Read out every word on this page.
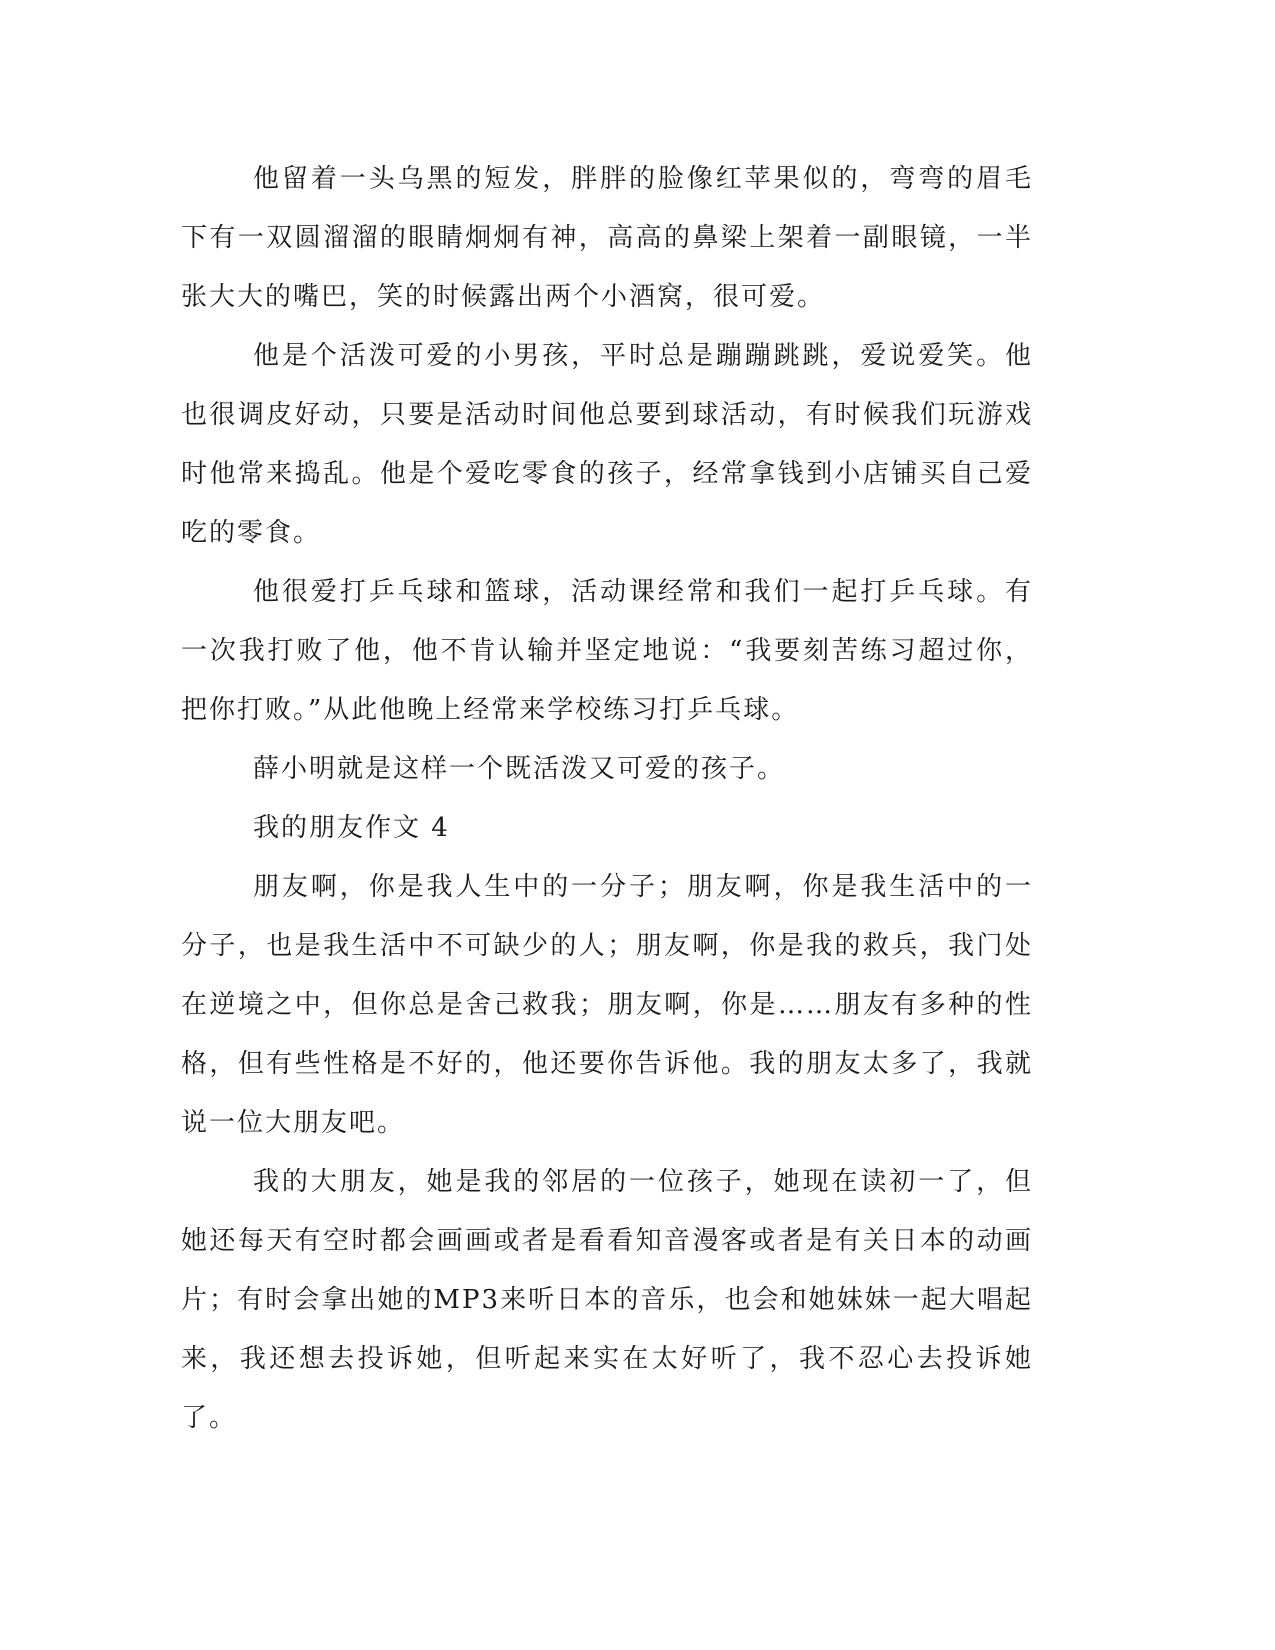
他留着一头乌黑的短发，胖胖的脸像红苹果似的，弯弯的眉毛下有一双圆溜溜的眼睛炯炯有神，高高的鼻梁上架着一副眼镜，一半张大大的嘴巴，笑的时候露出两个小酒窝，很可爱。

他是个活泼可爱的小男孩，平时总是蹦蹦跳跳，爱说爱笑。他也很调皮好动，只要是活动时间他总要到球活动，有时候我们玩游戏时他常来捣乱。他是个爱吃零食的孩子，经常拿钱到小店铺买自己爱吃的零食。

他很爱打乒乓球和篮球，活动课经常和我们一起打乒乓球。有一次我打败了他，他不肯认输并坚定地说：“我要刻苦练习超过你，把你打败。”从此他晚上经常来学校练习打乒乓球。

薛小明就是这样一个既活泼又可爱的孩子。

我的朋友作文 4

朋友啊，你是我人生中的一分子；朋友啊，你是我生活中的一分子，也是我生活中不可缺少的人；朋友啊，你是我的救兵，我门处在逆境之中，但你总是舍己救我；朋友啊，你是……朋友有多种的性格，但有些性格是不好的，他还要你告诉他。我的朋友太多了，我就说一位大朋友吧。

我的大朋友，她是我的邻居的一位孩子，她现在读初一了，但她还每天有空时都会画画或者是看看知音漫客或者是有关日本的动画片；有时会拿出她的MP3来听日本的音乐，也会和她妹妹一起大唱起来，我还想去投诉她，但听起来实在太好听了，我不忍心去投诉她了。
